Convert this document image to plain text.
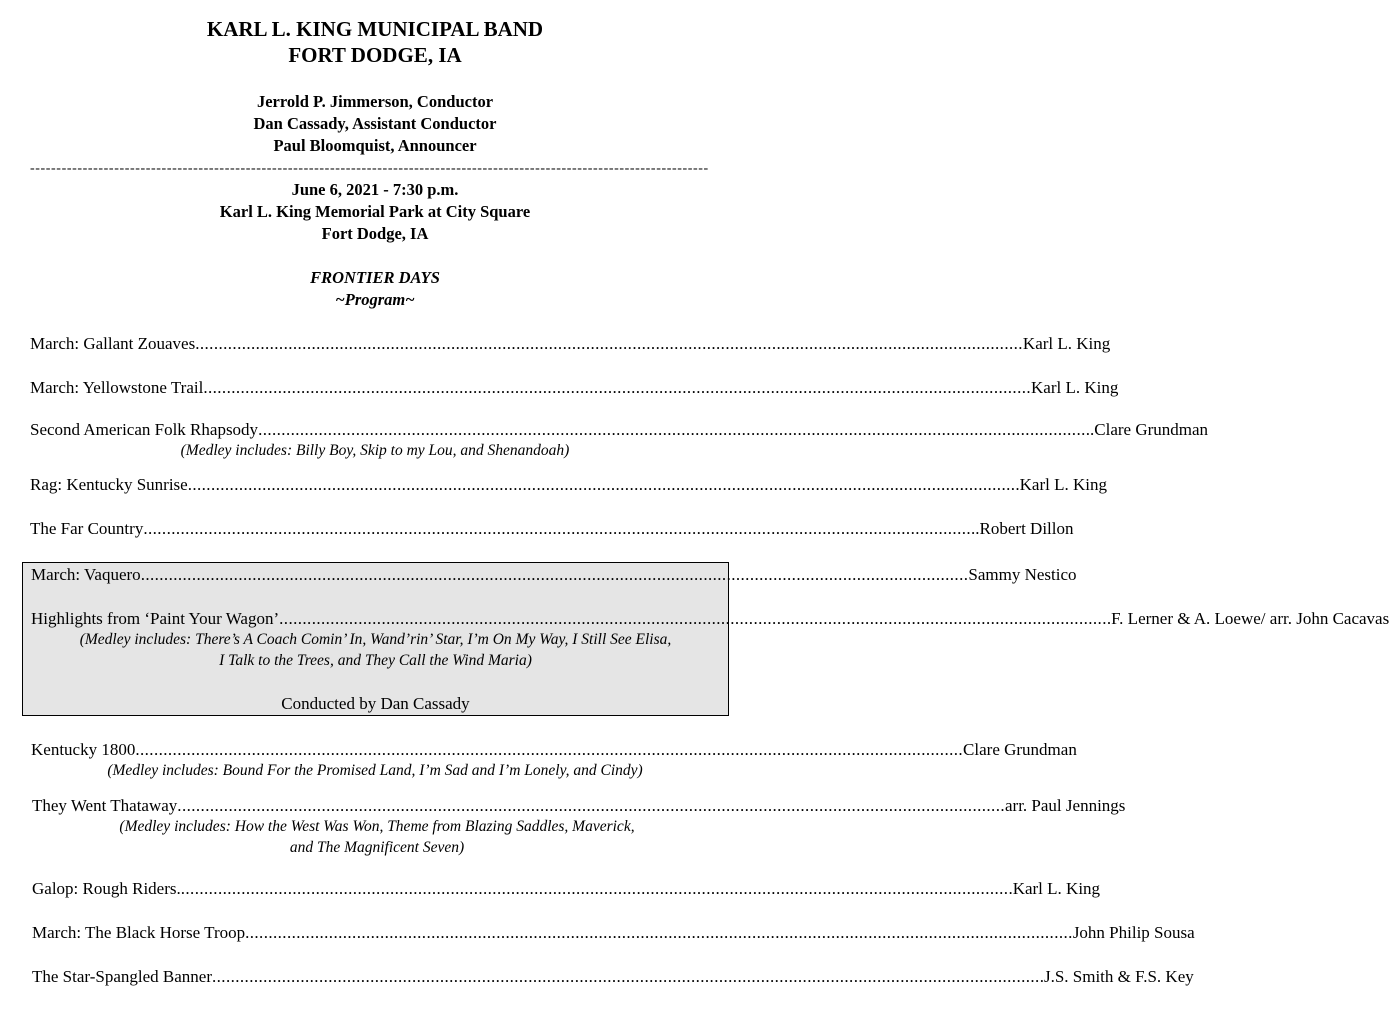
KARL L. KING MUNICIPAL BAND
FORT DODGE, IA
Jerrold P. Jimmerson, Conductor
Dan Cassady, Assistant Conductor
Paul Bloomquist, Announcer
---------------------------------------------------------------------------------------------------------------------------------
June 6, 2021 - 7:30 p.m.
Karl L. King Memorial Park at City Square
Fort Dodge, IA
FRONTIER DAYS
~Program~
March: Gallant Zouaves .................................................................................................................................................................................. Karl L. King
March: Yellowstone Trail .................................................................................................................................................................................. Karl L. King
Second American Folk Rhapsody .................................................................................................................................................................................. ..Clare Grundman
(Medley includes: Billy Boy, Skip to my Lou, and Shenandoah)
Rag: Kentucky Sunrise .................................................................................................................................................................................. .Karl L. King
The Far Country .................................................................................................................................................................................. ..Robert Dillon
March: Vaquero .................................................................................................................................................................................. Sammy Nestico
Highlights from ‘Paint Your Wagon’ .................................................................................................................................................................................. .F. Lerner & A. Loewe/ arr. John Cacavas
(Medley includes: There’s A Coach Comin’ In, Wand’rin’ Star, I’m On My Way, I Still See Elisa,
I Talk to the Trees, and They Call the Wind Maria)
Conducted by Dan Cassady
Kentucky 1800 .................................................................................................................................................................................. Clare Grundman
(Medley includes: Bound For the Promised Land, I’m Sad and I’m Lonely, and Cindy)
They Went Thataway .................................................................................................................................................................................. arr. Paul Jennings
(Medley includes: How the West Was Won, Theme from Blazing Saddles, Maverick,
and The Magnificent Seven)
Galop: Rough Riders. .................................................................................................................................................................................. .Karl L. King
March: The Black Horse Troop .................................................................................................................................................................................. John Philip Sousa
The Star-Spangled Banner .................................................................................................................................................................................. .J.S. Smith & F.S. Key
